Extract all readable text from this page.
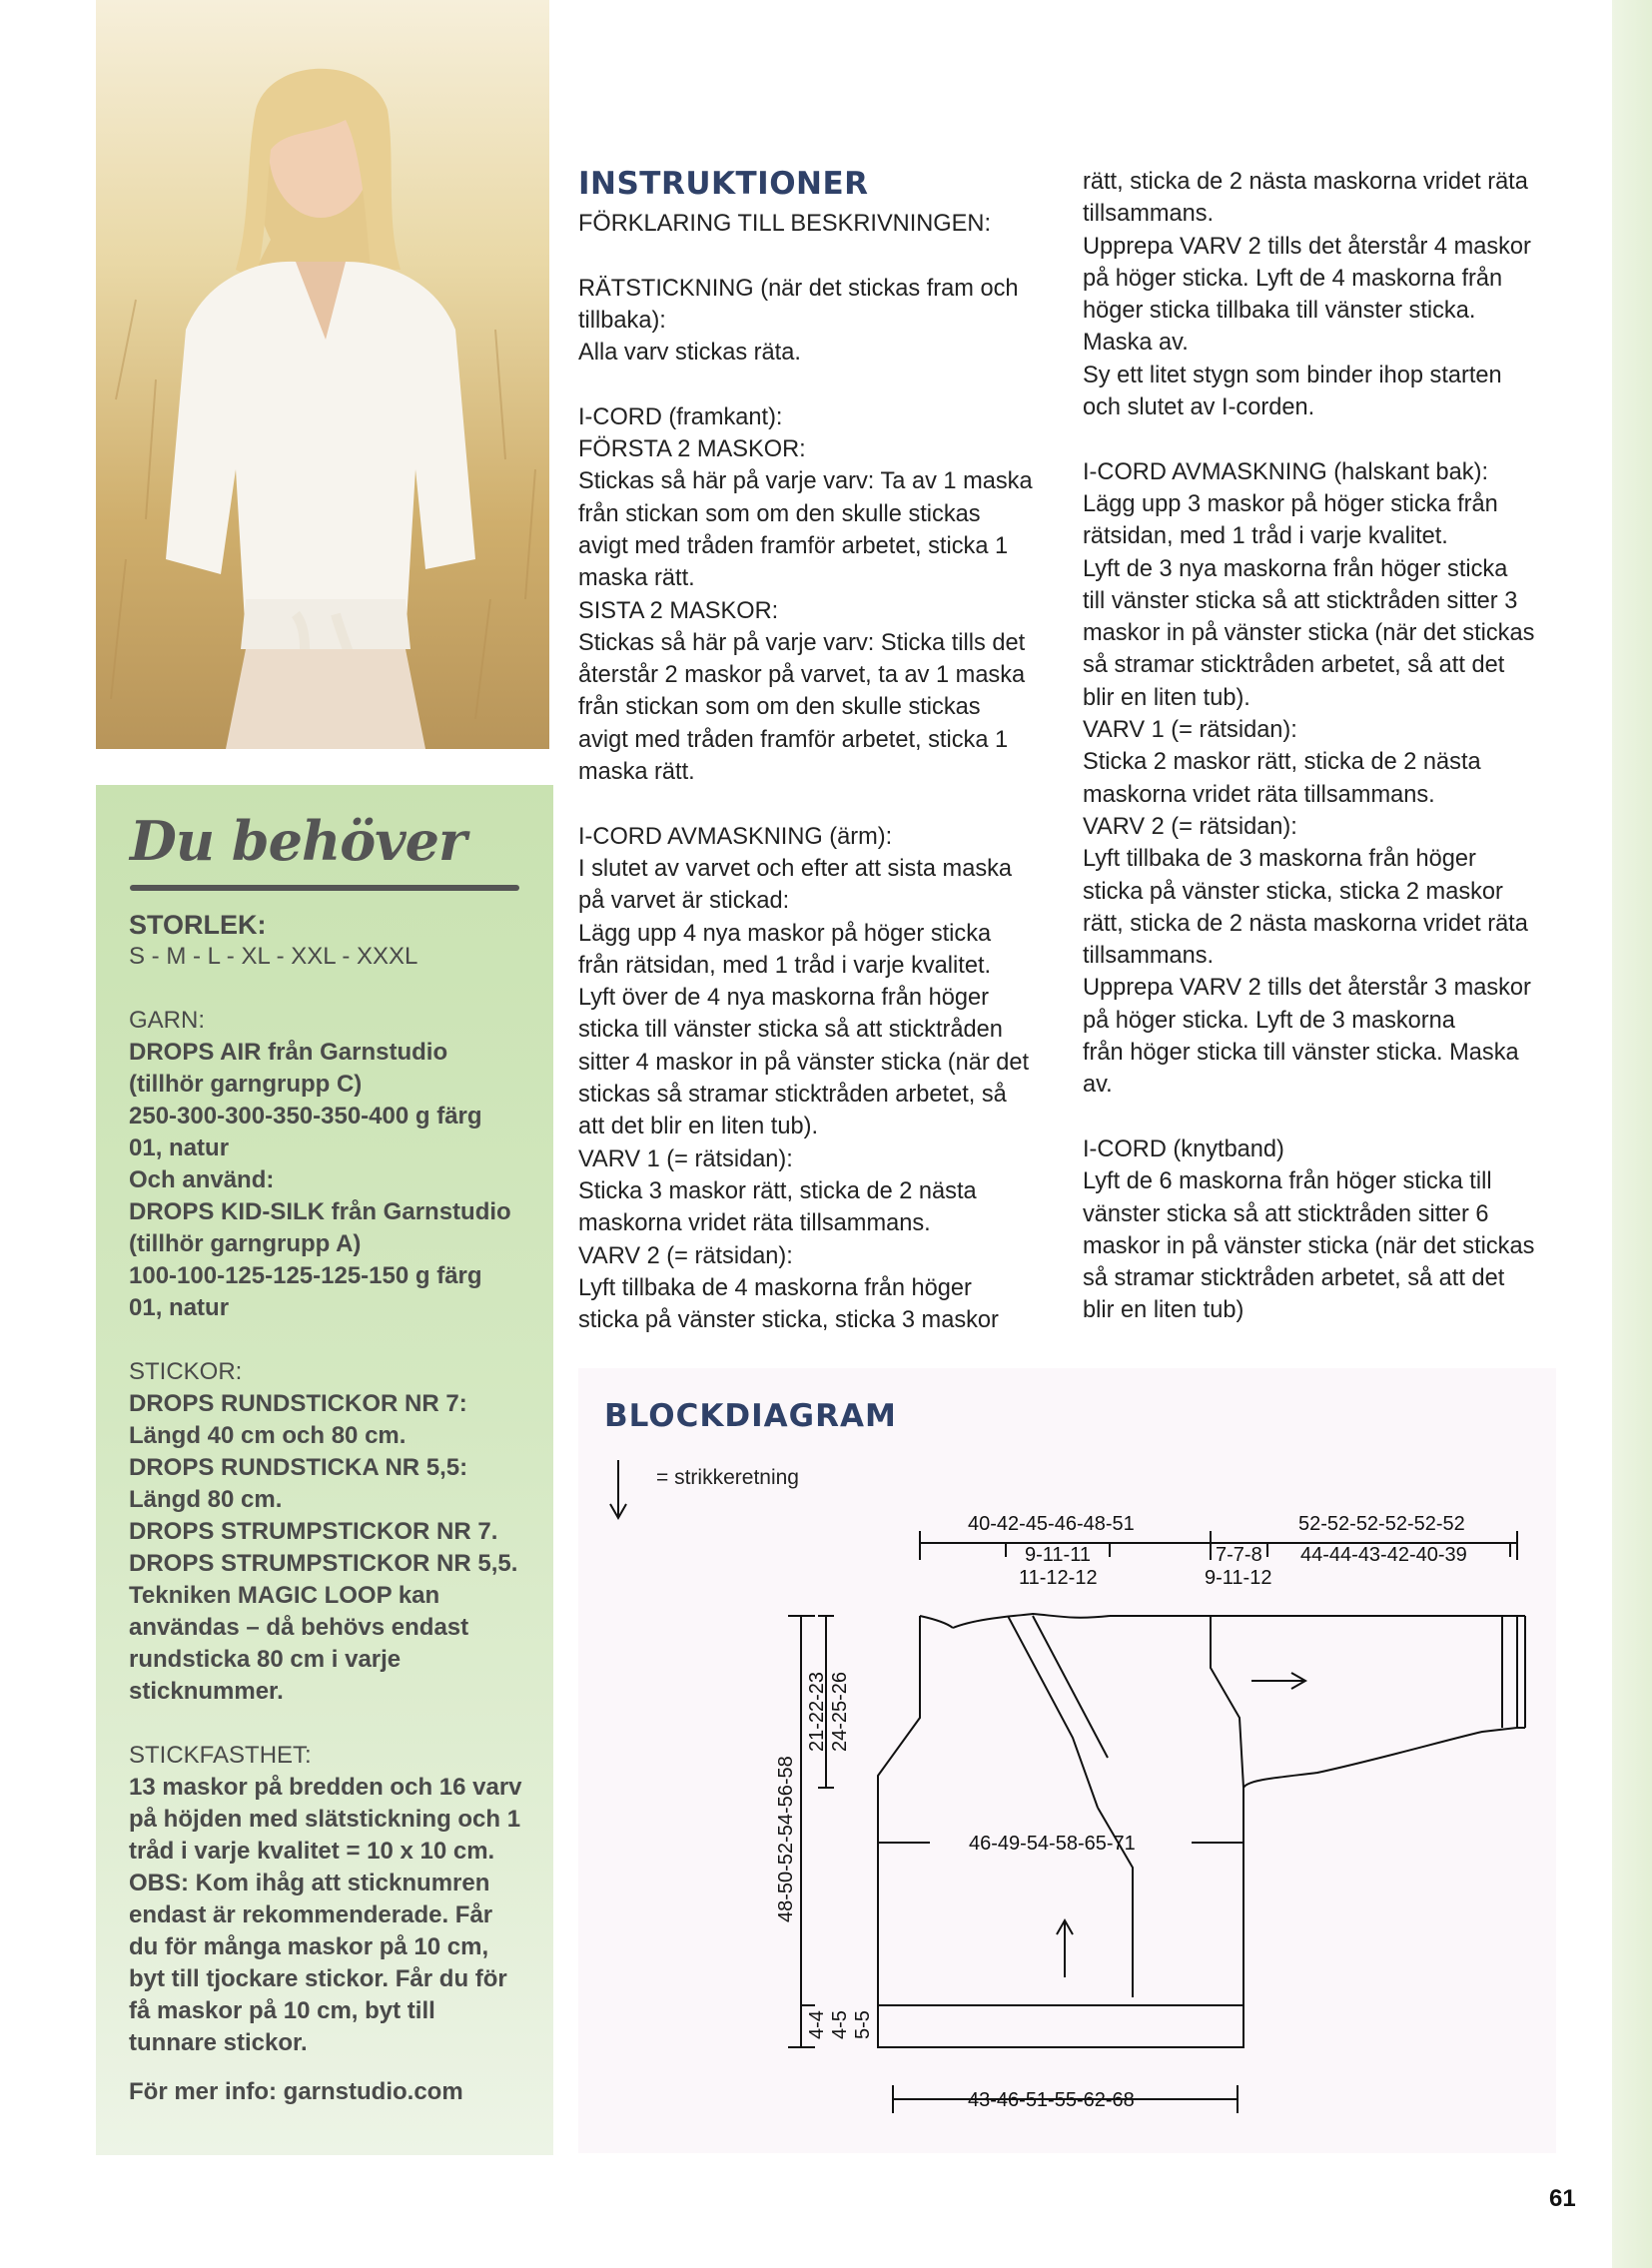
Du behöver
STORLEK:
S - M - L - XL - XXL - XXXL
GARN:
DROPS AIR från Garnstudio
(tillhör garngrupp C)
250-300-300-350-350-400 g färg
01, natur
Och använd:
DROPS KID-SILK från Garnstudio
(tillhör garngrupp A)
100-100-125-125-125-150 g färg
01, natur
STICKOR:
DROPS RUNDSTICKOR NR 7:
Längd 40 cm och 80 cm.
DROPS RUNDSTICKA NR 5,5:
Längd 80 cm.
DROPS STRUMPSTICKOR NR 7.
DROPS STRUMPSTICKOR NR 5,5.
Tekniken MAGIC LOOP kan
användas – då behövs endast
rundsticka 80 cm i varje
sticknummer.
STICKFASTHET:
13 maskor på bredden och 16 varv
på höjden med slätstickning och 1
tråd i varje kvalitet = 10 x 10 cm.
OBS: Kom ihåg att sticknumren
endast är rekommenderade. Får
du för många maskor på 10 cm,
byt till tjockare stickor. Får du för
få maskor på 10 cm, byt till
tunnare stickor.
För mer info: garnstudio.com
INSTRUKTIONER
FÖRKLARING TILL BESKRIVNINGEN:
RÄTSTICKNING (när det stickas fram och
tillbaka):
Alla varv stickas räta.
I-CORD (framkant):
FÖRSTA 2 MASKOR:
Stickas så här på varje varv: Ta av 1 maska
från stickan som om den skulle stickas
avigt med tråden framför arbetet, sticka 1
maska rätt.
SISTA 2 MASKOR:
Stickas så här på varje varv: Sticka tills det
återstår 2 maskor på varvet, ta av 1 maska
från stickan som om den skulle stickas
avigt med tråden framför arbetet, sticka 1
maska rätt.
I-CORD AVMASKNING (ärm):
I slutet av varvet och efter att sista maska
på varvet är stickad:
Lägg upp 4 nya maskor på höger sticka
från rätsidan, med 1 tråd i varje kvalitet.
Lyft över de 4 nya maskorna från höger
sticka till vänster sticka så att sticktråden
sitter 4 maskor in på vänster sticka (när det
stickas så stramar sticktråden arbetet, så
att det blir en liten tub).
VARV 1 (= rätsidan):
Sticka 3 maskor rätt, sticka de 2 nästa
maskorna vridet räta tillsammans.
VARV 2 (= rätsidan):
Lyft tillbaka de 4 maskorna från höger
sticka på vänster sticka, sticka 3 maskor
rätt, sticka de 2 nästa maskorna vridet räta
tillsammans.
Upprepa VARV 2 tills det återstår 4 maskor
på höger sticka. Lyft de 4 maskorna från
höger sticka tillbaka till vänster sticka.
Maska av.
Sy ett litet stygn som binder ihop starten
och slutet av I-corden.
I-CORD AVMASKNING (halskant bak):
Lägg upp 3 maskor på höger sticka från
rätsidan, med 1 tråd i varje kvalitet.
Lyft de 3 nya maskorna från höger sticka
till vänster sticka så att sticktråden sitter 3
maskor in på vänster sticka (när det stickas
så stramar sticktråden arbetet, så att det
blir en liten tub).
VARV 1 (= rätsidan):
Sticka 2 maskor rätt, sticka de 2 nästa
maskorna vridet räta tillsammans.
VARV 2 (= rätsidan):
Lyft tillbaka de 3 maskorna från höger
sticka på vänster sticka, sticka 2 maskor
rätt, sticka de 2 nästa maskorna vridet räta
tillsammans.
Upprepa VARV 2 tills det återstår 3 maskor
på höger sticka. Lyft de 3 maskorna
från höger sticka till vänster sticka. Maska
av.
I-CORD (knytband)
Lyft de 6 maskorna från höger sticka till
vänster sticka så att sticktråden sitter 6
maskor in på vänster sticka (när det stickas
så stramar sticktråden arbetet, så att det
blir en liten tub)
BLOCKDIAGRAM
= strikkeretning
40-42-45-46-48-51	52-52-52-52-52-52
9-11-11
11-12-12
7-7-8
9-11-12
44-44-43-42-40-39
46-49-54-58-65-71
43-46-51-55-62-68
48-50-52-54-56-58
21-22-23 24-25-26
4-4 4-5 5-5
61
